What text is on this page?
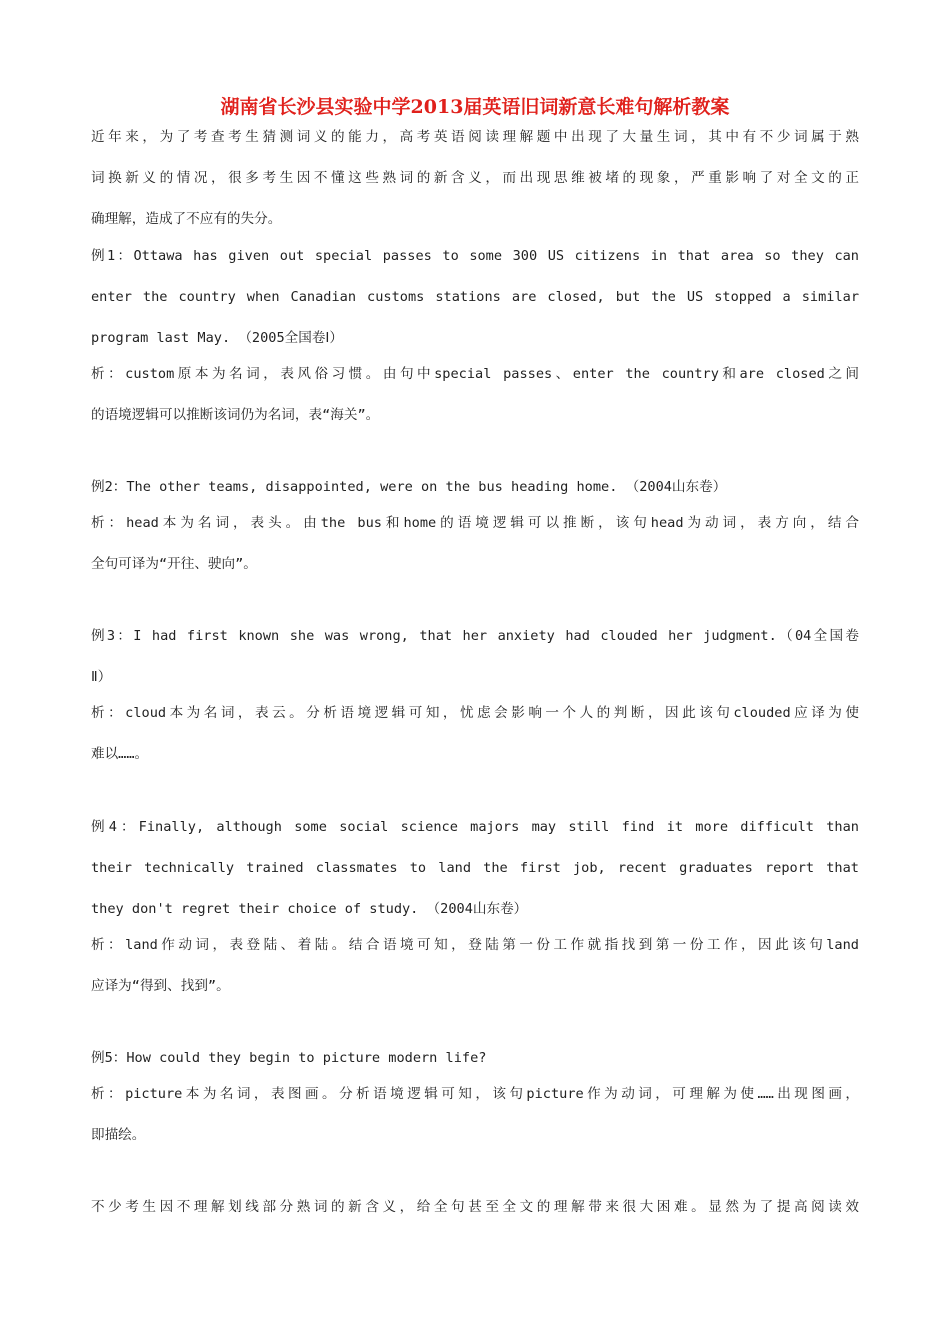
湖南省长沙县实验中学2013届英语旧词新意长难句解析教案
近年来，为了考查考生猜测词义的能力，高考英语阅读理解题中出现了大量生词，其中有不少词属于熟
词换新义的情况，很多考生因不懂这些熟词的新含义，而出现思维被堵的现象，严重影响了对全文的正
确理解，造成了不应有的失分。
例1：Ottawa has given out special passes to some 300 US citizens in that area so they can
enter the country when Canadian customs stations are closed, but the US stopped a similar
program last May. （2005全国卷Ⅰ）
析：custom原本为名词，表风俗习惯。由句中special passes、enter the country和are closed之间
的语境逻辑可以推断该词仍为名词，表“海关”。
例2：The other teams, disappointed, were on the bus heading home. （2004山东卷）
析：head本为名词，表头。由the bus和home的语境逻辑可以推断，该句head为动词，表方向，结合
全句可译为“开往、驶向”。
例3：I had first known she was wrong, that her anxiety had clouded her judgment.（04全国卷
Ⅱ）
析：cloud本为名词，表云。分析语境逻辑可知，忧虑会影响一个人的判断，因此该句clouded应译为使
难以……。
例4：Finally, although some social science majors may still find it more difficult than
their technically trained classmates to land the first job, recent graduates report that
they don't regret their choice of study. （2004山东卷）
析：land作动词，表登陆、着陆。结合语境可知，登陆第一份工作就指找到第一份工作，因此该句land
应译为“得到、找到”。
例5：How could they begin to picture modern life?
析：picture本为名词，表图画。分析语境逻辑可知，该句picture作为动词，可理解为使……出现图画，
即描绘。
不少考生因不理解划线部分熟词的新含义，给全句甚至全文的理解带来很大困难。显然为了提高阅读效
